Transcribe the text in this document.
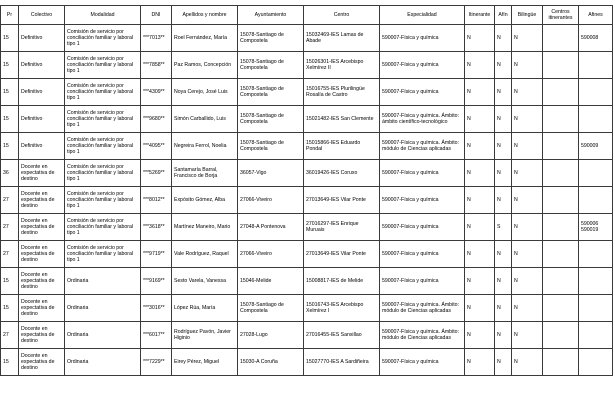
Pr	Colectivo	Modalidad	DNI	Apellidos y nombre	Ayuntamiento	Centro	Especialidad	Itinerante	Afín	Bilingüe	Centros itinerantes	Afines
15	Definitivo	Comisión de servicio por conciliación familiar y laboral tipo 1	***7013**	Roel Fernández, María	15078-Santiago de Compostela	15032469-IES Lamas de Abade	590007-Física y química	N	N	N		590008
15	Definitivo	Comisión de servicio por conciliación familiar y laboral tipo 1	***7858**	Paz Ramos, Concepción	15078-Santiago de Compostela	15026301-IES Arcebispo Xelmírez II	590007-Física y química	N	N	N		
15	Definitivo	Comisión de servicio por conciliación familiar y laboral tipo 1	***4309**	Noya Cerejo, José Luis	15078-Santiago de Compostela	15016755-IES Plurilingüe Rosalía de Castro	590007-Física y química	N	N	N		
15	Definitivo	Comisión de servicio por conciliación familiar y laboral tipo 1	***9680**	Simón Carballido, Luis	15078-Santiago de Compostela	15021482-IES San Clemente	590007-Física y química. Ámbito: ámbito científico-tecnológico	N	N	N		
15	Definitivo	Comisión de servicio por conciliación familiar y laboral tipo 1	***4095**	Negreira Ferrol, Noelia	15078-Santiago de Compostela	15015866-IES Eduardo Pondal	590007-Física y química. Ámbito: módulo de Ciencias aplicadas	N	N	N		590009
36	Docente en expectativa de destino	Comisión de servicio por conciliación familiar y laboral tipo 1	***5269**	Santamaría Barral, Francisco de Borja	36057-Vigo	36019426-IES Coruxo	590007-Física y química	N	N	N		
27	Docente en expectativa de destino	Comisión de servicio por conciliación familiar y laboral tipo 1	***8012**	Expósito Gómez, Alba	27066-Viveiro	27013649-IES Vilar Ponte	590007-Física y química	N	N	N		
27	Docente en expectativa de destino	Comisión de servicio por conciliación familiar y laboral tipo 1	***3618**	Martínez Maneiro, Mario	27048-A Pontenova	27016297-IES Enrique Muruais	590007-Física y química	N	S	N		590006 590019
27	Docente en expectativa de destino	Comisión de servicio por conciliación familiar y laboral tipo 1	***9719**	Vale Rodríguez, Raquel	27066-Viveiro	27013649-IES Vilar Ponte	590007-Física y química	N	N	N		
15	Docente en expectativa de destino	Ordinaria	***9169**	Sesto Varela, Vanessa	15046-Melide	15008817-IES de Melide	590007-Física y química	N	N	N		
15	Docente en expectativa de destino	Ordinaria	***3016**	López Rúa, María	15078-Santiago de Compostela	15016743-IES Arcebispo Xelmírez I	590007-Física y química. Ámbito: módulo de Ciencias aplicadas	N	N	N		
27	Docente en expectativa de destino	Ordinaria	***6017**	Rodríguez Pavón, Javier Higinio	27028-Lugo	27016455-IES Sanxillao	590007-Física y química. Ámbito: módulo de Ciencias aplicadas	N	N	N		
15	Docente en expectativa de destino	Ordinaria	***7229**	Eirey Pérez, Miguel	15030-A Coruña	15027770-IES A Sardiñeira	590007-Física y química	N	N	N		
